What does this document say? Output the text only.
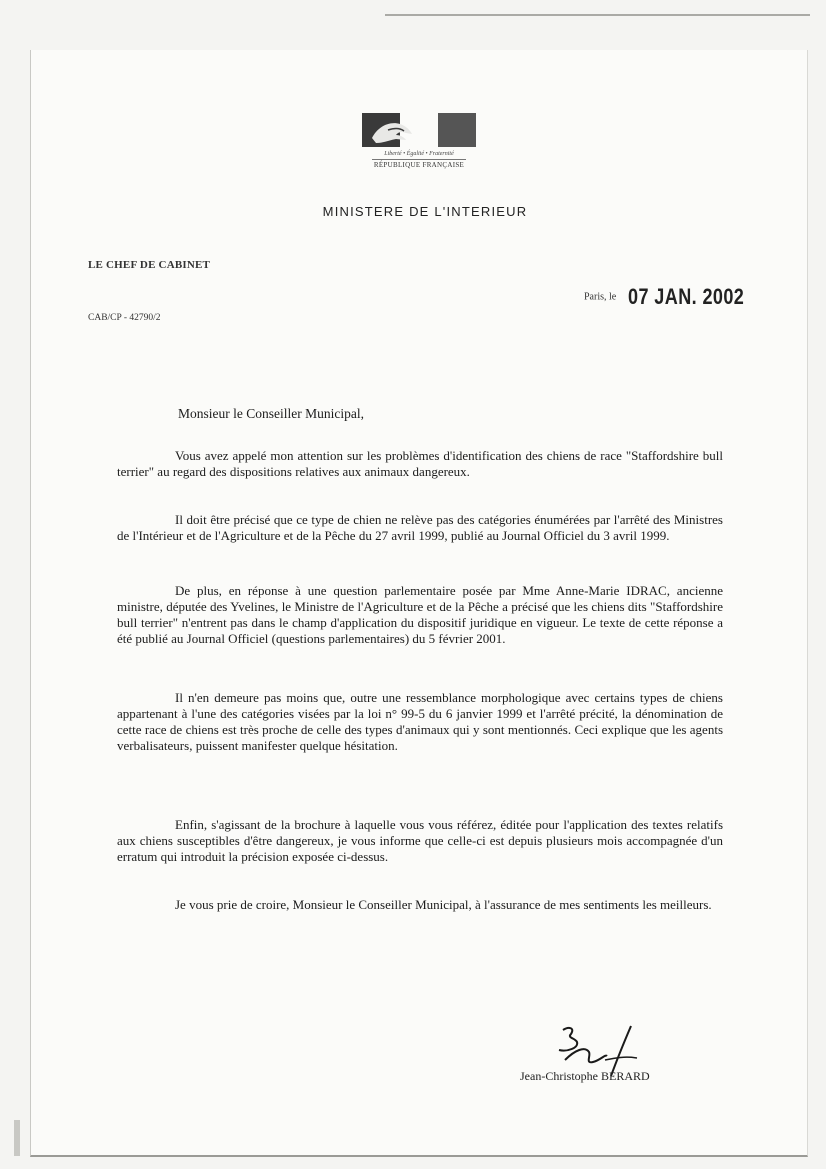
Liberté • Égalité • Fraternité
RÉPUBLIQUE FRANÇAISE
MINISTERE DE L'INTERIEUR
LE CHEF DE CABINET
CAB/CP - 42790/2
Paris, le 07 JAN. 2002
Monsieur le Conseiller Municipal,

Vous avez appelé mon attention sur les problèmes d'identification des chiens de race "Staffordshire bull terrier" au regard des dispositions relatives aux animaux dangereux.

Il doit être précisé que ce type de chien ne relève pas des catégories énumérées par l'arrêté des Ministres de l'Intérieur et de l'Agriculture et de la Pêche du 27 avril 1999, publié au Journal Officiel du 3 avril 1999.

De plus, en réponse à une question parlementaire posée par Mme Anne-Marie IDRAC, ancienne ministre, députée des Yvelines, le Ministre de l'Agriculture et de la Pêche a précisé que les chiens dits "Staffordshire bull terrier" n'entrent pas dans le champ d'application du dispositif juridique en vigueur. Le texte de cette réponse a été publié au Journal Officiel (questions parlementaires) du 5 février 2001.

Il n'en demeure pas moins que, outre une ressemblance morphologique avec certains types de chiens appartenant à l'une des catégories visées par la loi n° 99-5 du 6 janvier 1999 et l'arrêté précité, la dénomination de cette race de chiens est très proche de celle des types d'animaux qui y sont mentionnés. Ceci explique que les agents verbalisateurs, puissent manifester quelque hésitation.

Enfin, s'agissant de la brochure à laquelle vous vous référez, éditée pour l'application des textes relatifs aux chiens susceptibles d'être dangereux, je vous informe que celle-ci est depuis plusieurs mois accompagnée d'un erratum qui introduit la précision exposée ci-dessus.

Je vous prie de croire, Monsieur le Conseiller Municipal, à l'assurance de mes sentiments les meilleurs.

Jean-Christophe BERARD
